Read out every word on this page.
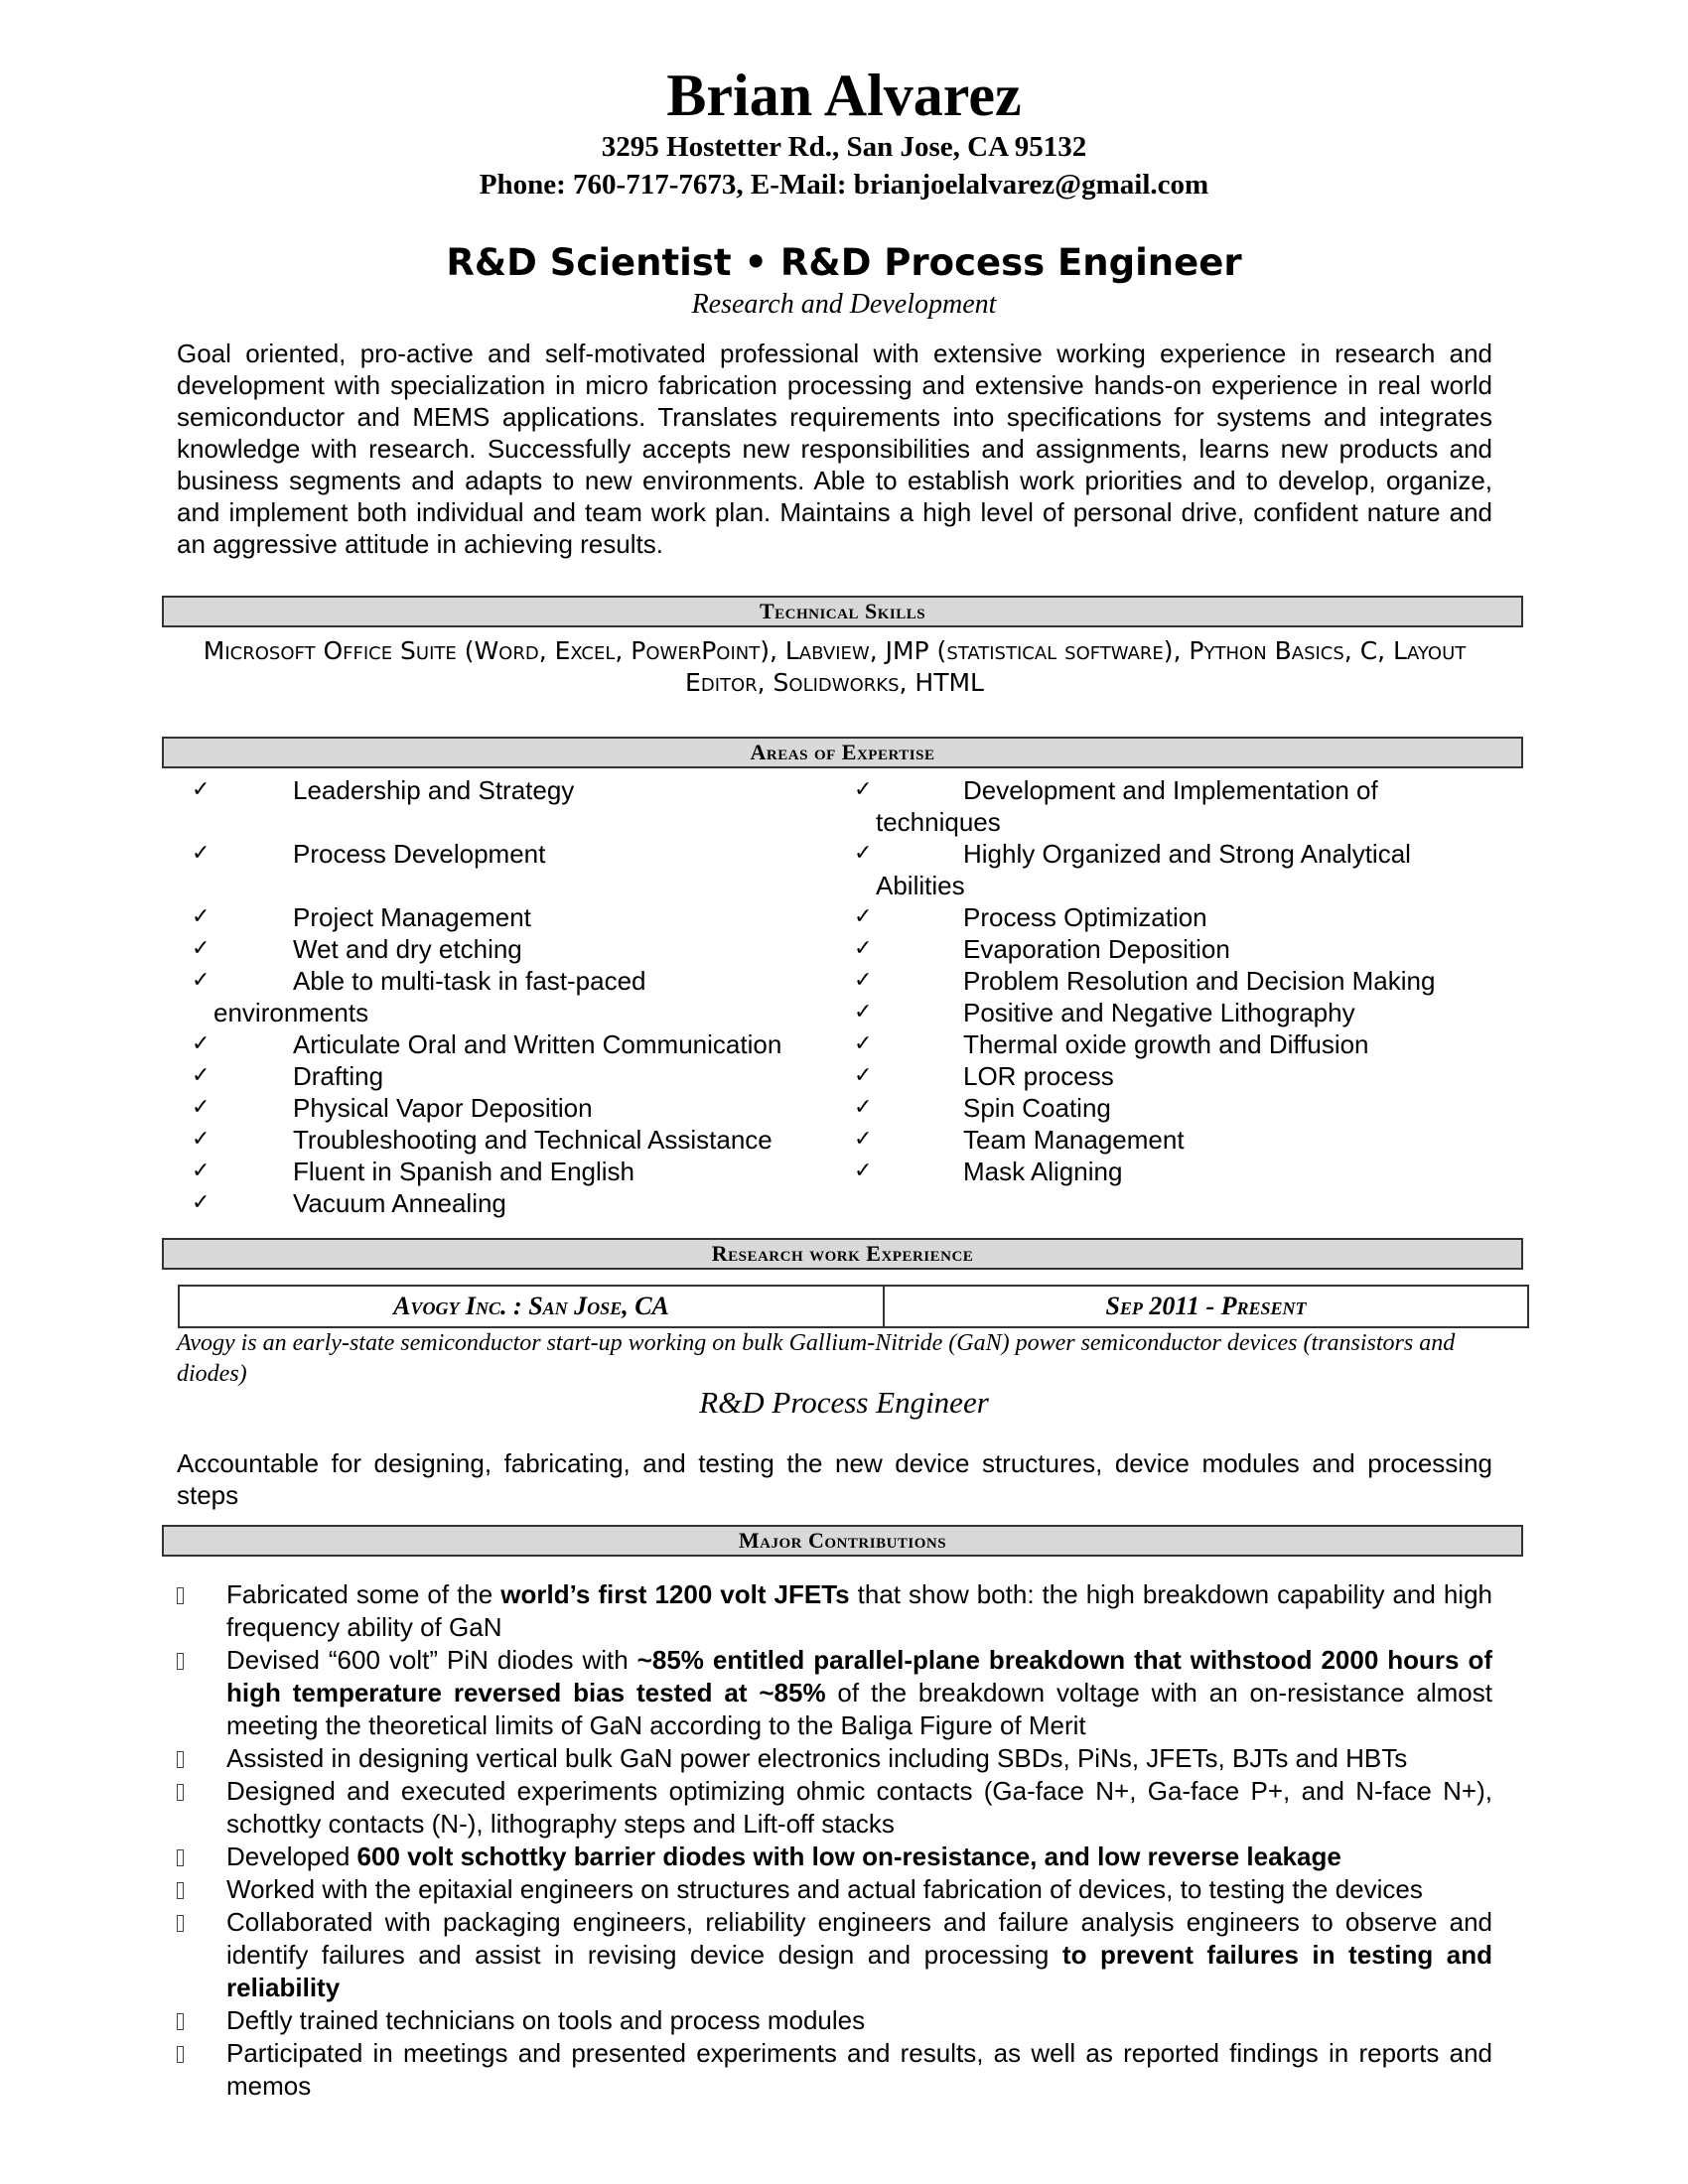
Brian Alvarez
3295 Hostetter Rd., San Jose, CA 95132
Phone: 760-717-7673, E-Mail: brianjoelalvarez@gmail.com
R&D Scientist • R&D Process Engineer
Research and Development
Goal oriented, pro-active and self-motivated professional with extensive working experience in research and development with specialization in micro fabrication processing and extensive hands-on experience in real world semiconductor and MEMS applications. Translates requirements into specifications for systems and integrates knowledge with research. Successfully accepts new responsibilities and assignments, learns new products and business segments and adapts to new environments. Able to establish work priorities and to develop, organize, and implement both individual and team work plan. Maintains a high level of personal drive, confident nature and an aggressive attitude in achieving results.
Technical Skills
Microsoft Office Suite (Word, Excel, PowerPoint), Labview, JMP (statistical software), Python Basics, C, Layout Editor, Solidworks, HTML
Areas of Expertise
✓	Leadership and Strategy
✓	Process Development
✓	Project Management
✓	Wet and dry etching
✓	Able to multi-task in fast-paced environments
✓	Articulate Oral and Written Communication
✓	Drafting
✓	Physical Vapor Deposition
✓	Troubleshooting and Technical Assistance
✓	Fluent in Spanish and English
✓	Vacuum Annealing
✓	Development and Implementation of techniques
✓	Highly Organized and Strong Analytical Abilities
✓	Process Optimization
✓	Evaporation Deposition
✓	Problem Resolution and Decision Making
✓	Positive and Negative Lithography
✓	Thermal oxide growth and Diffusion
✓	LOR process
✓	Spin Coating
✓	Team Management
✓	Mask Aligning
Research work Experience
Avogy Inc. : San Jose, CA	Sep 2011 - Present
Avogy is an early-state semiconductor start-up working on bulk Gallium-Nitride (GaN) power semiconductor devices (transistors and diodes)
R&D Process Engineer
Accountable for designing, fabricating, and testing the new device structures, device modules and processing steps
Major Contributions
Fabricated some of the world’s first 1200 volt JFETs that show both: the high breakdown capability and high frequency ability of GaN
Devised “600 volt” PiN diodes with ~85% entitled parallel-plane breakdown that withstood 2000 hours of high temperature reversed bias tested at ~85% of the breakdown voltage with an on-resistance almost meeting the theoretical limits of GaN according to the Baliga Figure of Merit
Assisted in designing vertical bulk GaN power electronics including SBDs, PiNs, JFETs, BJTs and HBTs
Designed and executed experiments optimizing ohmic contacts (Ga-face N+, Ga-face P+, and N-face N+), schottky contacts (N-), lithography steps and Lift-off stacks
Developed 600 volt schottky barrier diodes with low on-resistance, and low reverse leakage
Worked with the epitaxial engineers on structures and actual fabrication of devices, to testing the devices
Collaborated with packaging engineers, reliability engineers and failure analysis engineers to observe and identify failures and assist in revising device design and processing to prevent failures in testing and reliability
Deftly trained technicians on tools and process modules
Participated in meetings and presented experiments and results, as well as reported findings in reports and memos
